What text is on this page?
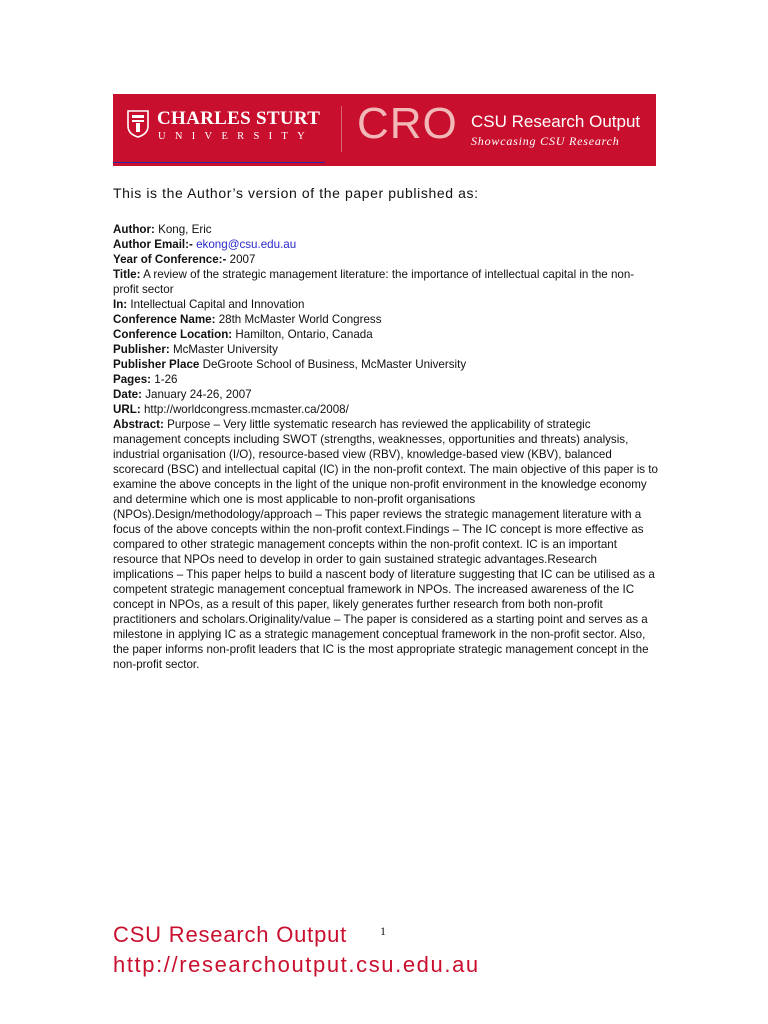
CHARLES STURT
UNIVERSITY CRO CSU Research Output
Showcasing CSU Research
This is the Author’s version of the paper published as:

Author: Kong, Eric

Author Email:- ekong@csu.edu.au

Year of Conference:- 2007

Title: A review of the strategic management literature: the importance of intellectual capital in the non-profit sector

In: Intellectual Capital and Innovation

Conference Name: 28th McMaster World Congress

Conference Location: Hamilton, Ontario, Canada

Publisher: McMaster University

Publisher Place DeGroote School of Business, McMaster University

Pages: 1-26

Date: January 24-26, 2007

URL: http://worldcongress.mcmaster.ca/2008/

Abstract: Purpose – Very little systematic research has reviewed the applicability of strategic management concepts including SWOT (strengths, weaknesses, opportunities and threats) analysis, industrial organisation (I/O), resource-based view (RBV), knowledge-based view (KBV), balanced scorecard (BSC) and intellectual capital (IC) in the non-profit context. The main objective of this paper is to examine the above concepts in the light of the unique non-profit environment in the knowledge economy and determine which one is most applicable to non-profit organisations (NPOs).Design/methodology/approach – This paper reviews the strategic management literature with a focus of the above concepts within the non-profit context.Findings – The IC concept is more effective as compared to other strategic management concepts within the non-profit context. IC is an important resource that NPOs need to develop in order to gain sustained strategic advantages.Research implications – This paper helps to build a nascent body of literature suggesting that IC can be utilised as a competent strategic management conceptual framework in NPOs. The increased awareness of the IC concept in NPOs, as a result of this paper, likely generates further research from both non-profit practitioners and scholars.Originality/value – The paper is considered as a starting point and serves as a milestone in applying IC as a strategic management conceptual framework in the non-profit sector. Also, the paper informs non-profit leaders that IC is the most appropriate strategic management concept in the non-profit sector.

CSU Research Output	1
http://researchoutput.csu.edu.au
